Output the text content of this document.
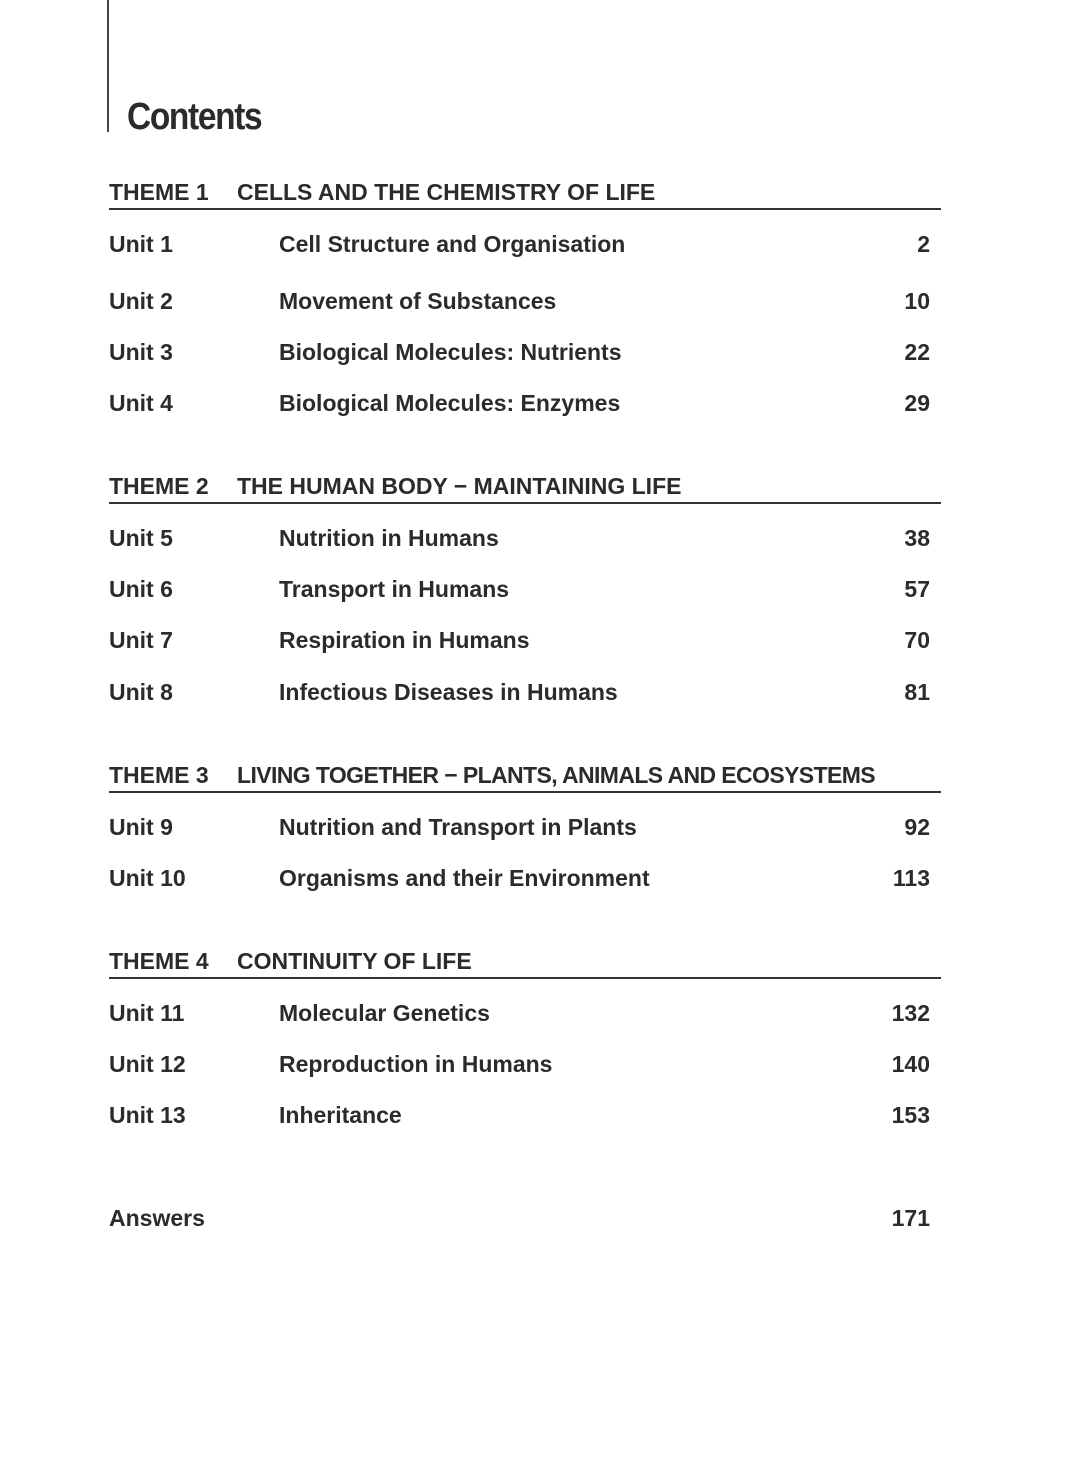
Contents
THEME 1 CELLS AND THE CHEMISTRY OF LIFE
Unit 1	Cell Structure and Organisation	2
Unit 2	Movement of Substances	10
Unit 3	Biological Molecules: Nutrients	22
Unit 4	Biological Molecules: Enzymes	29
THEME 2 THE HUMAN BODY − MAINTAINING LIFE
Unit 5	Nutrition in Humans	38
Unit 6	Transport in Humans	57
Unit 7	Respiration in Humans	70
Unit 8	Infectious Diseases in Humans	81
THEME 3 LIVING TOGETHER − PLANTS, ANIMALS AND ECOSYSTEMS
Unit 9	Nutrition and Transport in Plants	92
Unit 10	Organisms and their Environment	113
THEME 4 CONTINUITY OF LIFE
Unit 11	Molecular Genetics	132
Unit 12	Reproduction in Humans	140
Unit 13	Inheritance	153
Answers	171
